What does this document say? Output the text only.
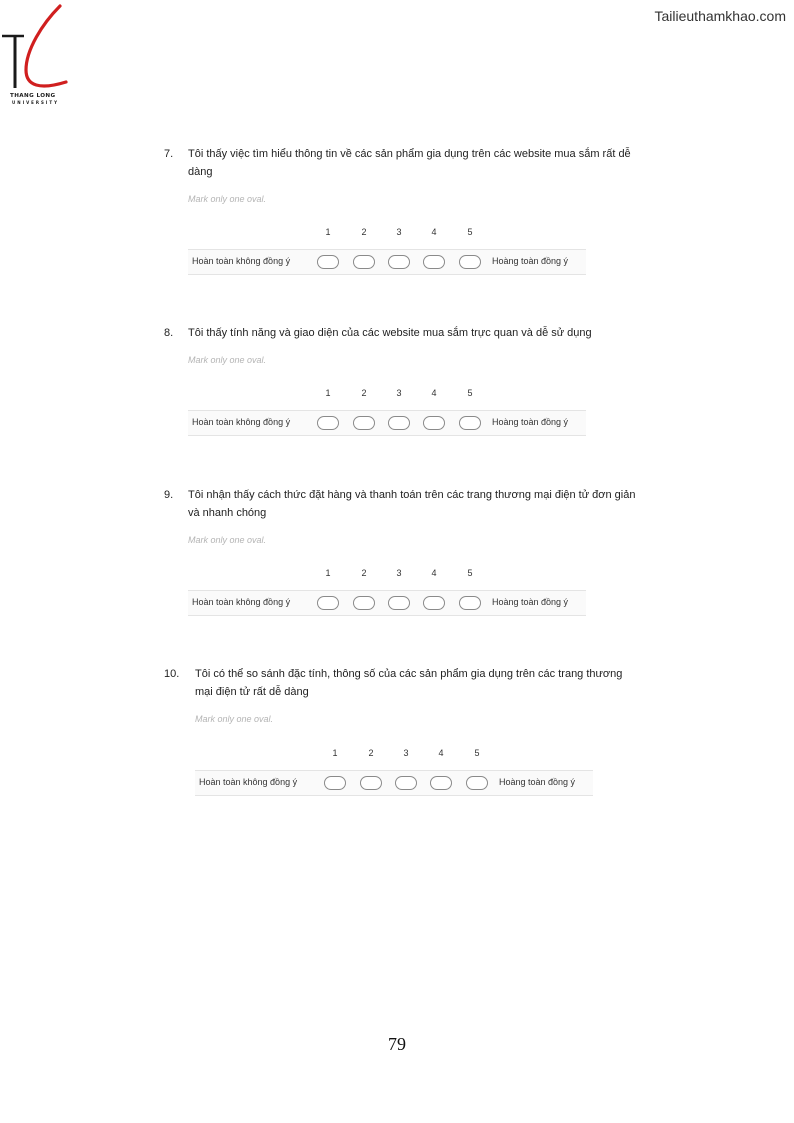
THANG LONG
UNIVERSITY
Tailieuthamkhao.com
7. Tôi thấy việc tìm hiểu thông tin về các sản phẩm gia dụng trên các website mua sắm rất dễ
dàng
Mark only one oval.
1	2	3	4	5
Hoàn toàn không đồng ý	Hoàng toàn đồng ý
8. Tôi thấy tính năng và giao diện của các website mua sắm trực quan và dễ sử dụng
Mark only one oval.
1	2	3	4	5
Hoàn toàn không đồng ý	Hoàng toàn đồng ý
9. Tôi nhận thấy cách thức đặt hàng và thanh toán trên các trang thương mại điện tử đơn giản
và nhanh chóng
Mark only one oval.
1	2	3	4	5
Hoàn toàn không đồng ý	Hoàng toàn đồng ý
10. Tôi có thể so sánh đặc tính, thông số của các sản phẩm gia dụng trên các trang thương
mại điện tử rất dễ dàng
Mark only one oval.
1	2	3	4	5
Hoàn toàn không đồng ý	Hoàng toàn đồng ý
79
